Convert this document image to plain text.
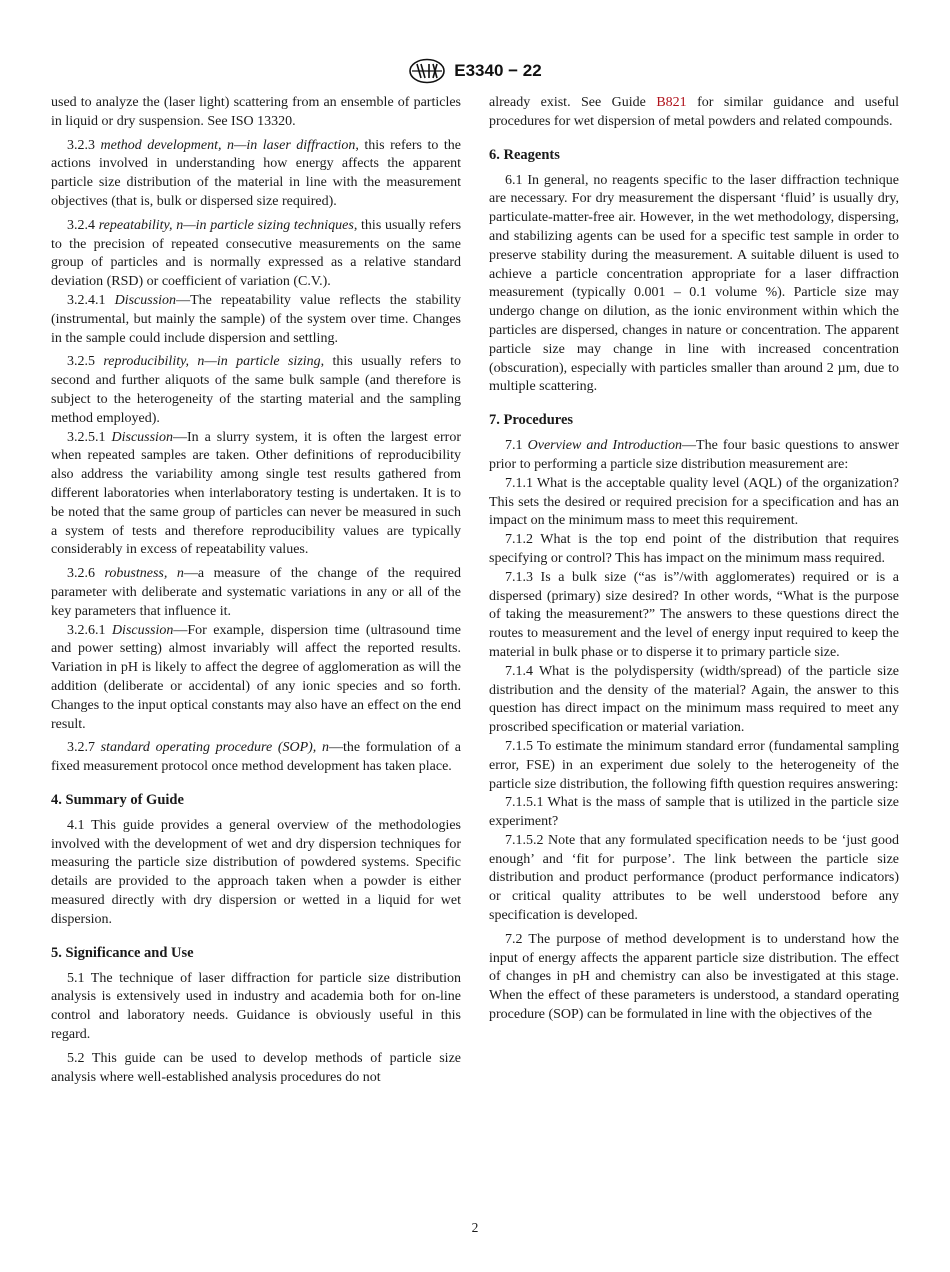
E3340 − 22

used to analyze the (laser light) scattering from an ensemble of particles in liquid or dry suspension. See ISO 13320.

3.2.3 method development, n—in laser diffraction, this refers to the actions involved in understanding how energy affects the apparent particle size distribution of the material in line with the measurement objectives (that is, bulk or dispersed size required).

3.2.4 repeatability, n—in particle sizing techniques, this usually refers to the precision of repeated consecutive measurements on the same group of particles and is normally expressed as a relative standard deviation (RSD) or coefficient of variation (C.V.).

3.2.4.1 Discussion—The repeatability value reflects the stability (instrumental, but mainly the sample) of the system over time. Changes in the sample could include dispersion and settling.

3.2.5 reproducibility, n—in particle sizing, this usually refers to second and further aliquots of the same bulk sample (and therefore is subject to the heterogeneity of the starting material and the sampling method employed).

3.2.5.1 Discussion—In a slurry system, it is often the largest error when repeated samples are taken. Other definitions of reproducibility also address the variability among single test results gathered from different laboratories when interlaboratory testing is undertaken. It is to be noted that the same group of particles can never be measured in such a system of tests and therefore reproducibility values are typically considerably in excess of repeatability values.

3.2.6 robustness, n—a measure of the change of the required parameter with deliberate and systematic variations in any or all of the key parameters that influence it.

3.2.6.1 Discussion—For example, dispersion time (ultrasound time and power setting) almost invariably will affect the reported results. Variation in pH is likely to affect the degree of agglomeration as will the addition (deliberate or accidental) of any ionic species and so forth. Changes to the input optical constants may also have an effect on the end result.

3.2.7 standard operating procedure (SOP), n—the formulation of a fixed measurement protocol once method development has taken place.

4. Summary of Guide

4.1 This guide provides a general overview of the methodologies involved with the development of wet and dry dispersion techniques for measuring the particle size distribution of powdered systems. Specific details are provided to the approach taken when a powder is either measured directly with dry dispersion or wetted in a liquid for wet dispersion.

5. Significance and Use

5.1 The technique of laser diffraction for particle size distribution analysis is extensively used in industry and academia both for on-line control and laboratory needs. Guidance is obviously useful in this regard.

5.2 This guide can be used to develop methods of particle size analysis where well-established analysis procedures do not

already exist. See Guide B821 for similar guidance and useful procedures for wet dispersion of metal powders and related compounds.

6. Reagents

6.1 In general, no reagents specific to the laser diffraction technique are necessary. For dry measurement the dispersant ‘fluid’ is usually dry, particulate-matter-free air. However, in the wet methodology, dispersing, and stabilizing agents can be used for a specific test sample in order to preserve stability during the measurement. A suitable diluent is used to achieve a particle concentration appropriate for a laser diffraction measurement (typically 0.001 – 0.1 volume %). Particle size may undergo change on dilution, as the ionic environment within which the particles are dispersed, changes in nature or concentration. The apparent particle size may change in line with increased concentration (obscuration), especially with particles smaller than around 2 µm, due to multiple scattering.

7. Procedures

7.1 Overview and Introduction—The four basic questions to answer prior to performing a particle size distribution measurement are:

7.1.1 What is the acceptable quality level (AQL) of the organization? This sets the desired or required precision for a specification and has an impact on the minimum mass to meet this requirement.

7.1.2 What is the top end point of the distribution that requires specifying or control? This has impact on the minimum mass required.

7.1.3 Is a bulk size (“as is”/with agglomerates) required or is a dispersed (primary) size desired? In other words, “What is the purpose of taking the measurement?” The answers to these questions direct the routes to measurement and the level of energy input required to keep the material in bulk phase or to disperse it to primary particle size.

7.1.4 What is the polydispersity (width/spread) of the particle size distribution and the density of the material? Again, the answer to this question has direct impact on the minimum mass required to meet any proscribed specification or material variation.

7.1.5 To estimate the minimum standard error (fundamental sampling error, FSE) in an experiment due solely to the heterogeneity of the particle size distribution, the following fifth question requires answering:

7.1.5.1 What is the mass of sample that is utilized in the particle size experiment?

7.1.5.2 Note that any formulated specification needs to be ‘just good enough’ and ‘fit for purpose’. The link between the particle size distribution and product performance (product performance indicators) or critical quality attributes to be well understood before any specification is developed.

7.2 The purpose of method development is to understand how the input of energy affects the apparent particle size distribution. The effect of changes in pH and chemistry can also be investigated at this stage. When the effect of these parameters is understood, a standard operating procedure (SOP) can be formulated in line with the objectives of the

2
